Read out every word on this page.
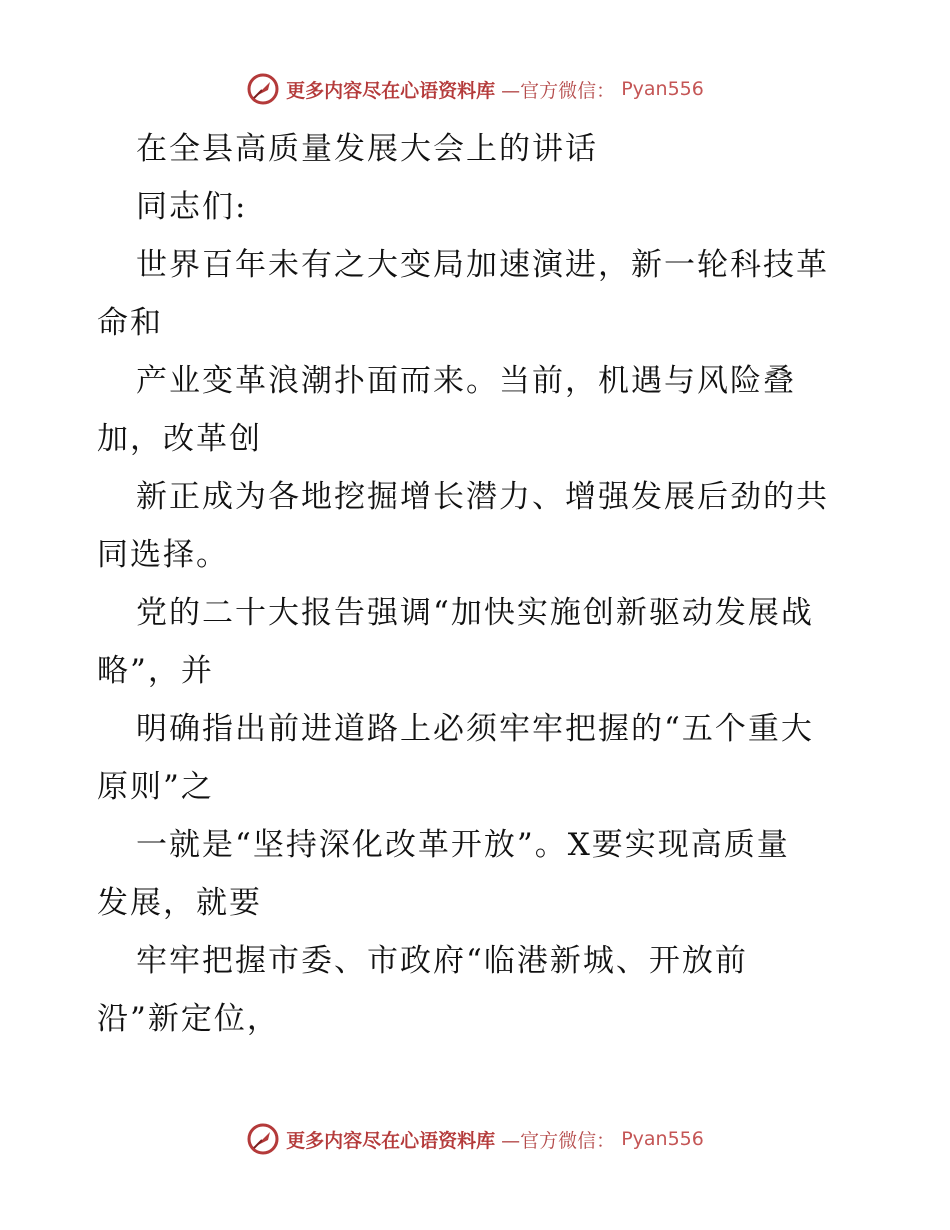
更多内容尽在心语资料库 —官方微信： Pyan556
在全县高质量发展大会上的讲话
同志们:
世界百年未有之大变局加速演进，新一轮科技革
命和
产业变革浪潮扑面而来。当前，机遇与风险叠
加，改革创
新正成为各地挖掘增长潜力、增强发展后劲的共
同选择。
党的二十大报告强调“加快实施创新驱动发展战
略”，并
明确指出前进道路上必须牢牢把握的“五个重大
原则”之
一就是“坚持深化改革开放”。X要实现高质量
发展，就要
牢牢把握市委、市政府“临港新城、开放前
沿”新定位，
更多内容尽在心语资料库 —官方微信： Pyan556
